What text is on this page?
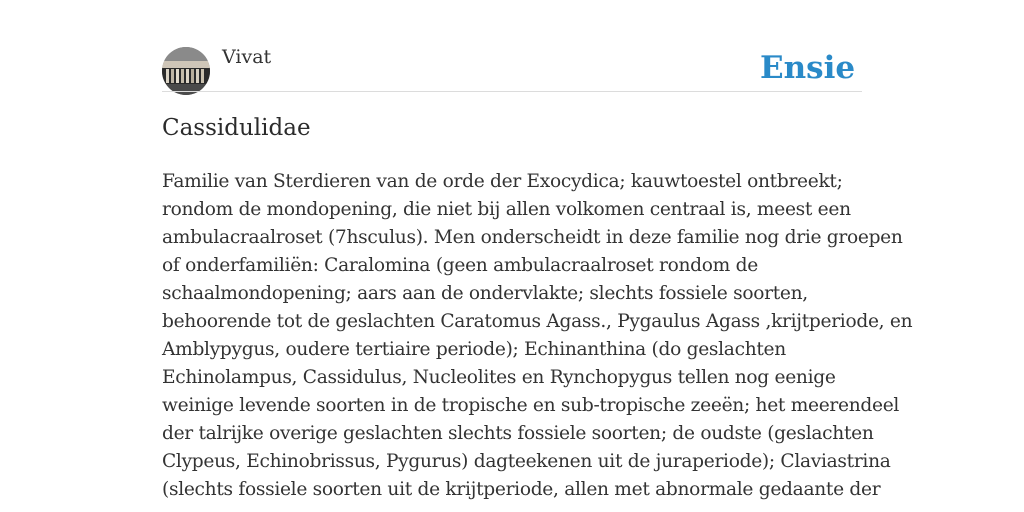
Vivat	Ensie
Cassidulidae
Familie van Sterdieren van de orde der Exocydica; kauwtoestel ontbreekt;
rondom de mondopening, die niet bij allen volkomen centraal is, meest een
ambulacraalroset (7hsculus). Men onderscheidt in deze familie nog drie groepen
of onderfamiliën: Caralomina (geen ambulacraalroset rondom de
schaalmondopening; aars aan de ondervlakte; slechts fossiele soorten,
behoorende tot de geslachten Caratomus Agass., Pygaulus Agass ,krijtperiode, en
Amblypygus, oudere tertiaire periode); Echinanthina (do geslachten
Echinolampus, Cassidulus, Nucleolites en Rynchopygus tellen nog eenige
weinige levende soorten in de tropische en sub-tropische zeeën; het meerendeel
der talrijke overige geslachten slechts fossiele soorten; de oudste (geslachten
Clypeus, Echinobrissus, Pygurus) dagteekenen uit de juraperiode); Claviastrina
(slechts fossiele soorten uit de krijtperiode, allen met abnormale gedaante der
